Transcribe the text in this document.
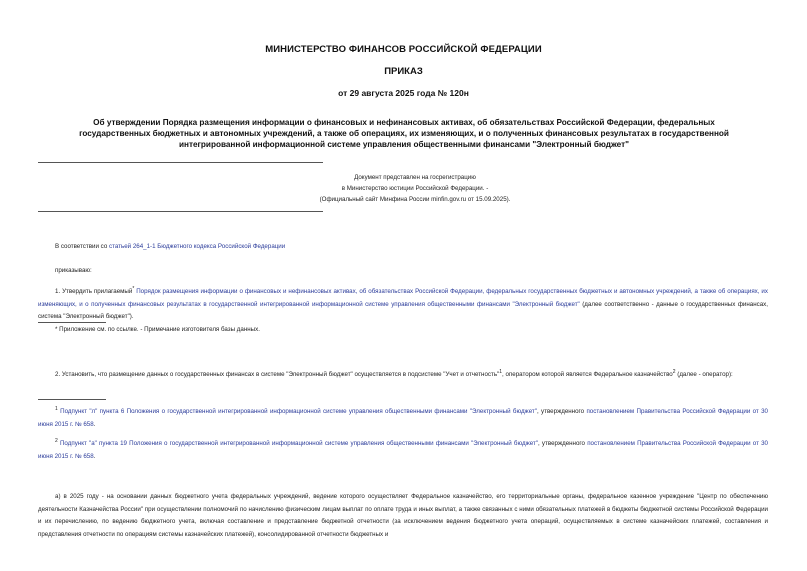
МИНИСТЕРСТВО ФИНАНСОВ РОССИЙСКОЙ ФЕДЕРАЦИИ
ПРИКАЗ
от 29 августа 2025 года № 120н
Об утверждении Порядка размещения информации о финансовых и нефинансовых активах, об обязательствах Российской Федерации, федеральных государственных бюджетных и автономных учреждений, а также об операциях, их изменяющих, и о полученных финансовых результатах в государственной интегрированной информационной системе управления общественными финансами "Электронный бюджет"
Документ представлен на госрегистрацию
в Министерство юстиции Российской Федерации. -
(Официальный сайт Минфина России minfin.gov.ru от 15.09.2025).
В соответствии со статьей 264_1-1 Бюджетного кодекса Российской Федерации
приказываю:
1. Утвердить прилагаемый* Порядок размещения информации о финансовых и нефинансовых активах, об обязательствах Российской Федерации, федеральных государственных бюджетных и автономных учреждений, а также об операциях, их изменяющих, и о полученных финансовых результатах в государственной интегрированной информационной системе управления общественными финансами "Электронный бюджет" (далее соответственно - данные о государственных финансах, система "Электронный бюджет").
* Приложение см. по ссылке. - Примечание изготовителя базы данных.
2. Установить, что размещение данных о государственных финансах в системе "Электронный бюджет" осуществляется в подсистеме "Учет и отчетность"$^1$, оператором которой является Федеральное казначейство$^2$ (далее - оператор):
$^1$ Подпункт "л" пункта 6 Положения о государственной интегрированной информационной системе управления общественными финансами "Электронный бюджет", утвержденного постановлением Правительства Российской Федерации от 30 июня 2015 г. № 658.
$^2$ Подпункт "а" пункта 19 Положения о государственной интегрированной информационной системе управления общественными финансами "Электронный бюджет", утвержденного постановлением Правительства Российской Федерации от 30 июня 2015 г. № 658.
а) в 2025 году - на основании данных бюджетного учета федеральных учреждений, ведение которого осуществляет Федеральное казначейство, его территориальные органы, федеральное казенное учреждение "Центр по обеспечению деятельности Казначейства России" при осуществлении полномочий по начислению физическим лицам выплат по оплате труда и иных выплат, а также связанных с ними обязательных платежей в бюджеты бюджетной системы Российской Федерации и их перечислению, по ведению бюджетного учета, включая составление и представление бюджетной отчетности (за исключением ведения бюджетного учета операций, осуществляемых в системе казначейских платежей, составления и представления отчетности по операциям системы казначейских платежей), консолидированной отчетности бюджетных и
